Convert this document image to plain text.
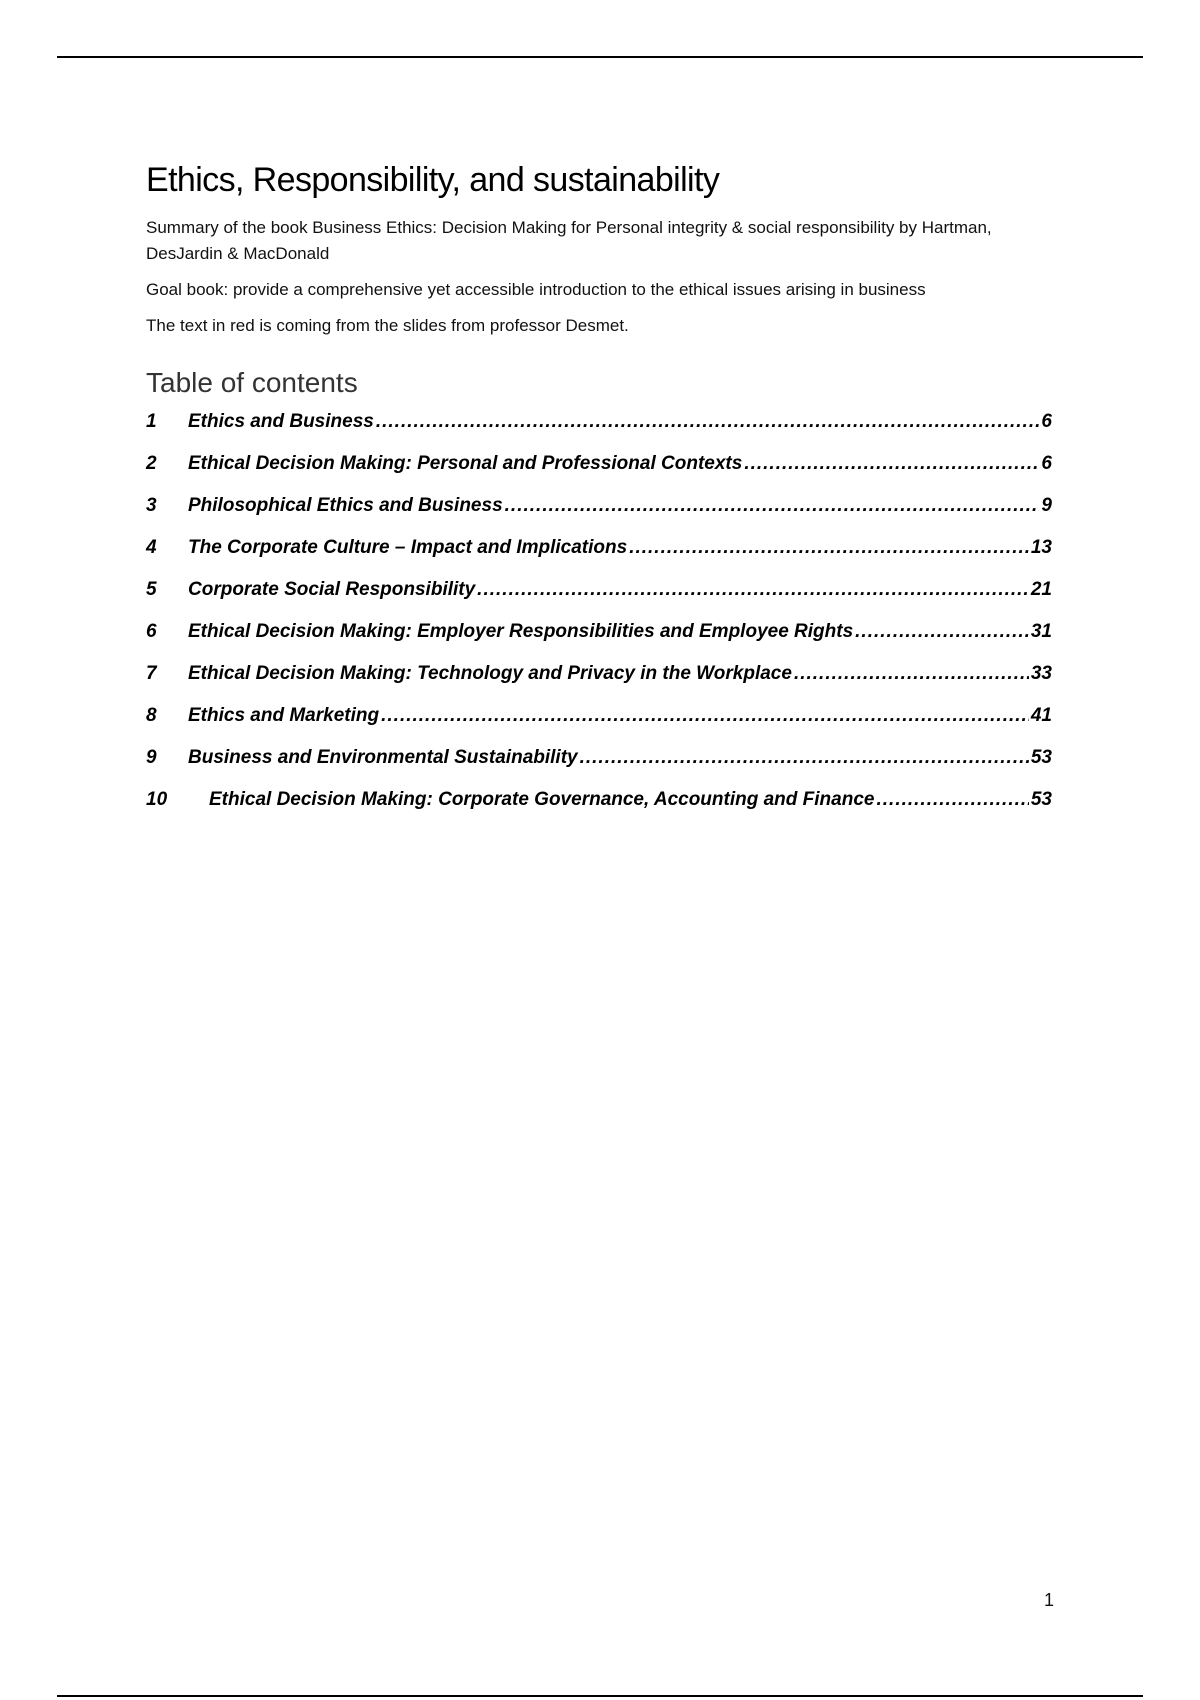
Ethics, Responsibility, and sustainability

Summary of the book Business Ethics: Decision Making for Personal integrity & social responsibility by Hartman, DesJardin & MacDonald

Goal book: provide a comprehensive yet accessible introduction to the ethical issues arising in business

The text in red is coming from the slides from professor Desmet.

Table of contents
1	Ethics and Business .....	6
2	Ethical Decision Making: Personal and Professional Contexts .....	6
3	Philosophical Ethics and Business .....	9
4	The Corporate Culture – Impact and Implications .....	13
5	Corporate Social Responsibility .....	21
6	Ethical Decision Making: Employer Responsibilities and Employee Rights .....	31
7	Ethical Decision Making: Technology and Privacy in the Workplace .....	33
8	Ethics and Marketing .....	41
9	Business and Environmental Sustainability .....	53
10	Ethical Decision Making: Corporate Governance, Accounting and Finance .....	53
1
